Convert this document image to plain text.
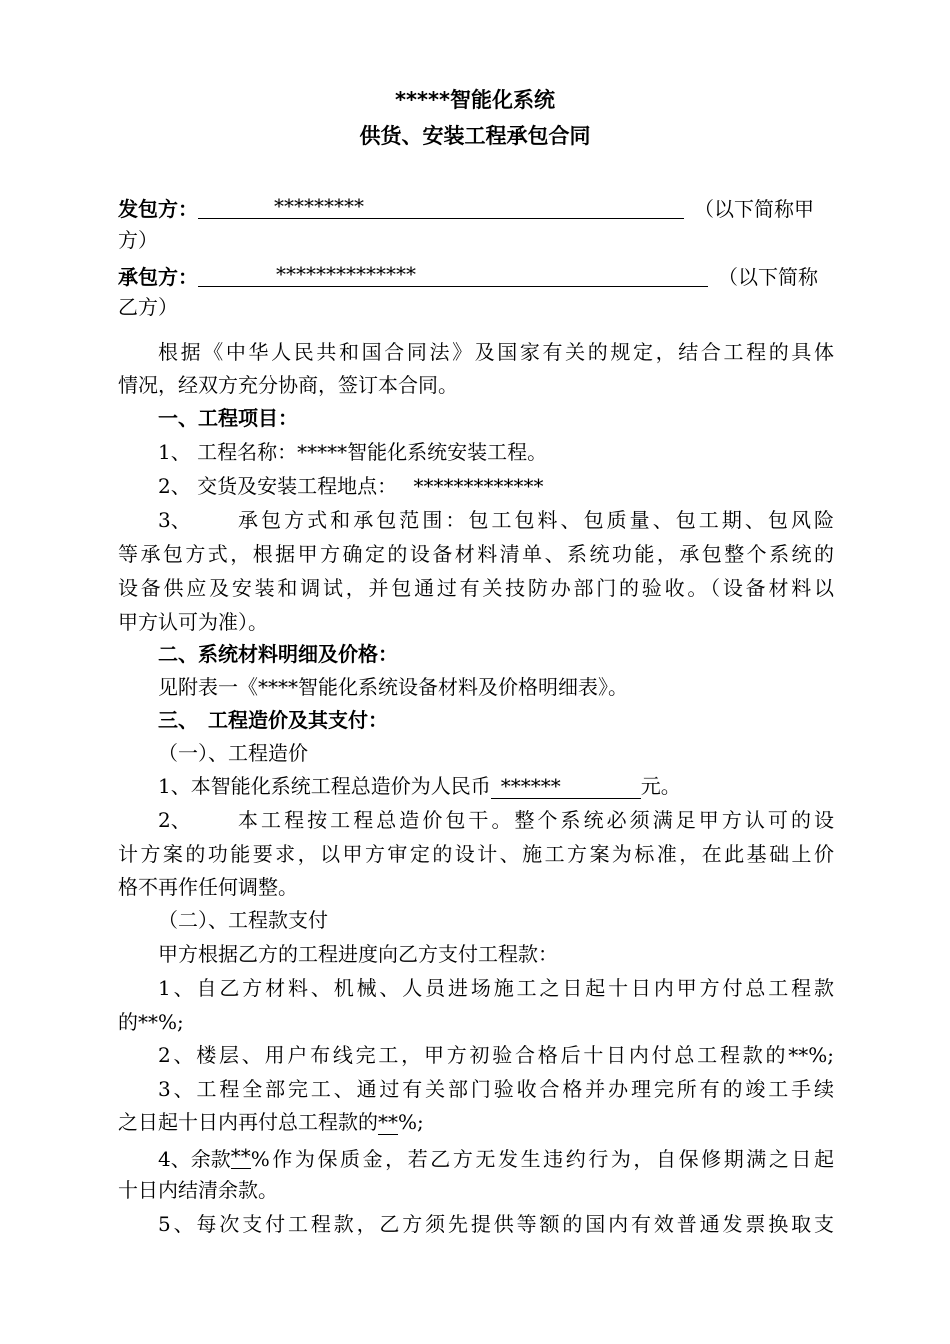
*****智能化系统
供货、安装工程承包合同
发包方：	*********	（以下简称甲
方）
承包方：	**************	（以下简称
乙方）
根据《中华人民共和国合同法》及国家有关的规定，结合工程的具体
情况，经双方充分协商，签订本合同。
一、工程项目：
1、 工程名称：*****智能化系统安装工程。
2、 交货及安装工程地点： *************
3、	承包方式和承包范围：包工包料、包质量、包工期、包风险
等承包方式，根据甲方确定的设备材料清单、系统功能，承包整个系统的
设备供应及安装和调试，并包通过有关技防办部门的验收。（设备材料以
甲方认可为准）。
二、系统材料明细及价格：
见附表一《****智能化系统设备材料及价格明细表》。
三、　工程造价及其支付：
（一）、工程造价
1、本智能化系统工程总造价为人民币 ******	元。
2、	本工程按工程总造价包干。整个系统必须满足甲方认可的设
计方案的功能要求，以甲方审定的设计、施工方案为标准，在此基础上价
格不再作任何调整。
（二）、工程款支付
甲方根据乙方的工程进度向乙方支付工程款：
1、自乙方材料、机械、人员进场施工之日起十日内甲方付总工程款
的**%;
2、楼层、用户布线完工，甲方初验合格后十日内付总工程款的**%;
3、工程全部完工、通过有关部门验收合格并办理完所有的竣工手续
之日起十日内再付总工程款的**%;
4、余款 ** %作为保质金，若乙方无发生违约行为，自保修期满之日起
十日内结清余款。
5、每次支付工程款，乙方须先提供等额的国内有效普通发票换取支
